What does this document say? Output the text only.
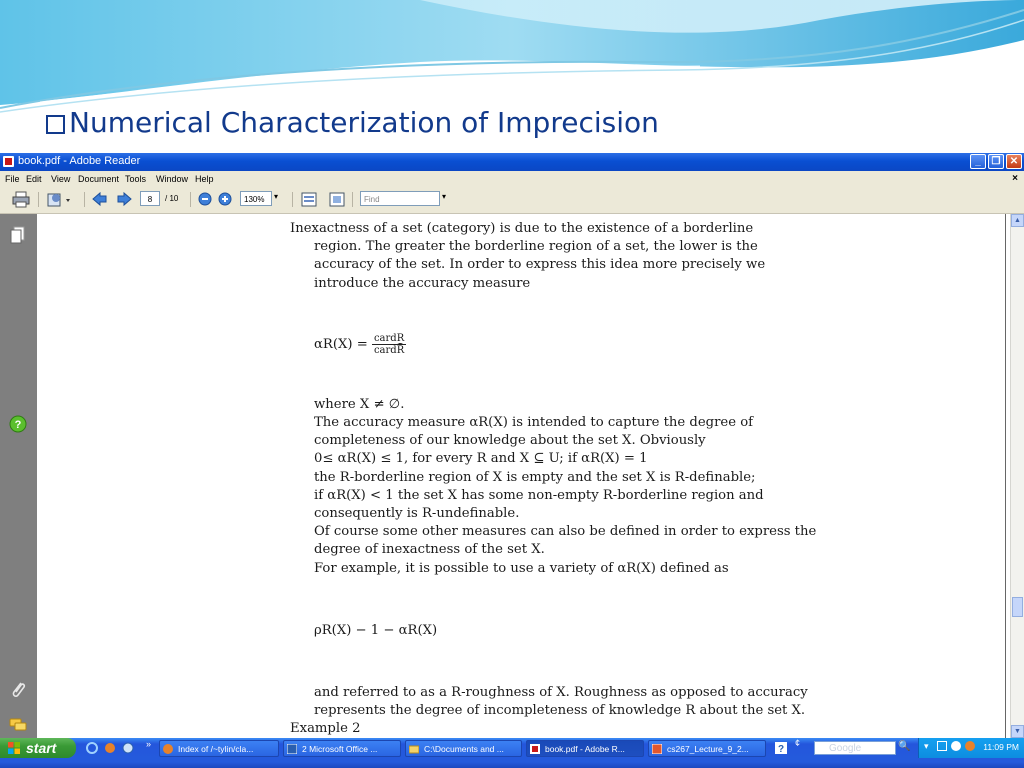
Numerical Characterization of Imprecision
book.pdf - Adobe Reader	_	❐ ✕
File Edit View Document Tools Window Help	×
8	/ 10	130%	▾	Find	▾
?
Inexactness of a set (category) is due to the existence of a borderline
region. The greater the borderline region of a set, the lower is the
accuracy of the set. In order to express this idea more precisely we
introduce the accuracy measure
$\alpha R(X) = \frac{\text{cardR̲}}{\text{cardR̄}}$
where X ≠ ∅.
The accuracy measure αR(X) is intended to capture the degree of
completeness of our knowledge about the set X. Obviously
0≤ αR(X) ≤ 1, for every R and X ⊆ U; if αR(X) = 1
the R-borderline region of X is empty and the set X is R-definable;
if αR(X) < 1 the set X has some non-empty R-borderline region and
consequently is R-undefinable.
Of course some other measures can also be defined in order to express the
degree of inexactness of the set X.
For example, it is possible to use a variety of αR(X) defined as
ρR(X) − 1 − αR(X)
and referred to as a R-roughness of X. Roughness as opposed to accuracy
represents the degree of incompleteness of knowledge R about the set X.
Example 2
▲
▼
start	»	Index of /~tylin/cla...	2 Microsoft Office ...	C:\Documents and ...	book.pdf - Adobe R...	cs267_Lecture_9_2...	?
¢	Google	🔍 ▾	11:09 PM
